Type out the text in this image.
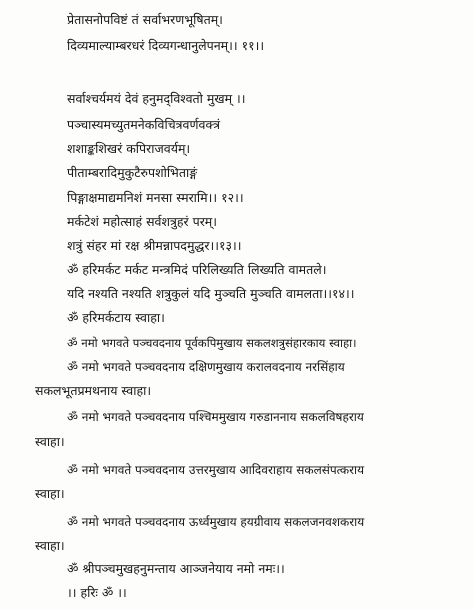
प्रेतासनोपविष्टं तं सर्वाभरणभूषितम्।
दिव्यमाल्याम्बरधरं दिव्यगन्धानुलेपनम्।। ११।।
सर्वाश्चर्यमयं देवं हनुमद्‌विश्वतो मुखम् ।।
पञ्चास्यमच्युतमनेकविचित्रवर्णवक्त्रं
शशाङ्कशिखरं कपिराजवर्यम्।
पीताम्बरादिमुकुटैरुपशोभिताङ्गं
पिङ्गाक्षमाद्यमनिशं मनसा स्मरामि।। १२।।
मर्कटेशं महोत्साहं सर्वशत्रुहरं परम्।
शत्रुं संहर मां रक्ष श्रीमन्नापदमुद्धर।।१३।।
ॐ हरिमर्कट मर्कट मन्त्रमिदं परिलिख्यति लिख्यति वामतले।
यदि नश्यति नश्यति शत्रुकुलं यदि मुञ्चति मुञ्चति वामलता।।१४।।
ॐ हरिमर्कटाय स्वाहा।
ॐ नमो भगवते पञ्चवदनाय पूर्वकपिमुखाय सकलशत्रुसंहारकाय स्वाहा।
ॐ नमो भगवते पञ्चवदनाय दक्षिणमुखाय करालवदनाय नरसिंहाय
सकलभूतप्रमथनाय स्वाहा।
ॐ नमो भगवते पञ्चवदनाय पश्चिममुखाय गरुडाननाय सकलविषहराय
स्वाहा।
ॐ नमो भगवते पञ्चवदनाय उत्तरमुखाय आदिवराहाय सकलसंपत्कराय
स्वाहा।
ॐ नमो भगवते पञ्चवदनाय ऊर्ध्वमुखाय हयग्रीवाय सकलजनवशकराय
स्वाहा।
ॐ श्रीपञ्चमुखहनुमन्ताय आञ्जनेयाय नमो नमः।।
।। हरिः ॐ ।।
